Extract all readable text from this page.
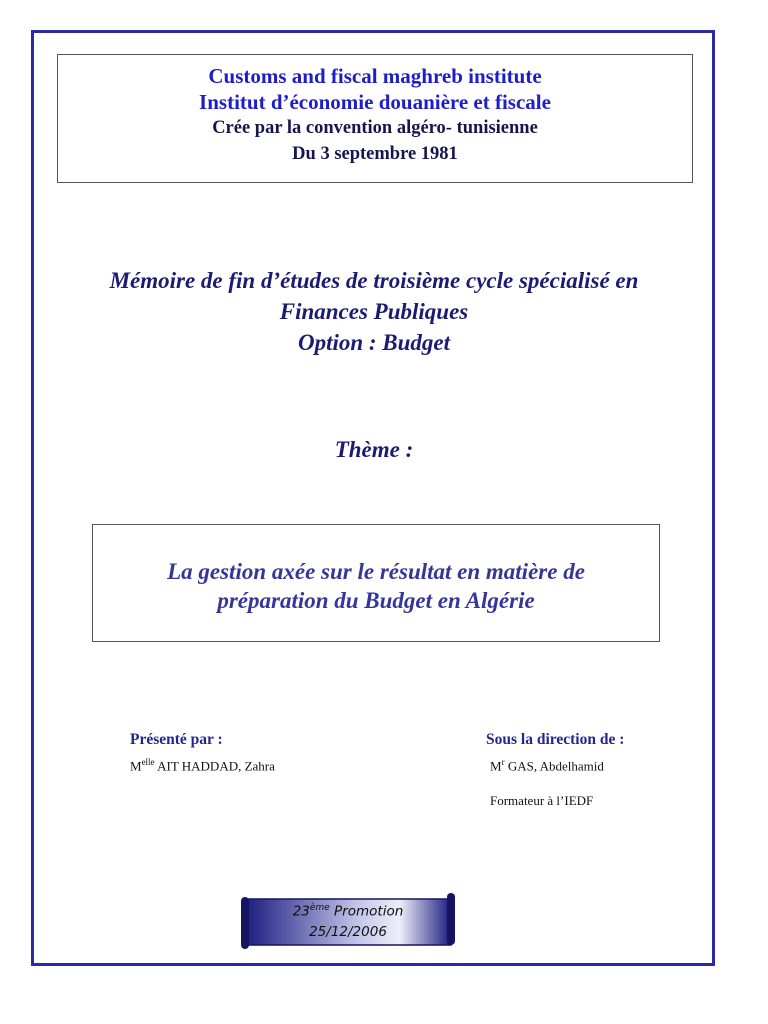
Customs and fiscal maghreb institute
Institut d’économie douanière et fiscale
Crée par la convention algéro- tunisienne
Du 3 septembre 1981
Mémoire de fin d’études de troisième cycle spécialisé en
Finances Publiques
Option : Budget
Thème :
La gestion axée sur le résultat en matière de
préparation du Budget en Algérie
Présenté par :
$M^{elle}$ AIT HADDAD, Zahra
Sous la direction de :
$M^r$ GAS, Abdelhamid
Formateur à l’IEDF
23ème Promotion
25/12/2006
